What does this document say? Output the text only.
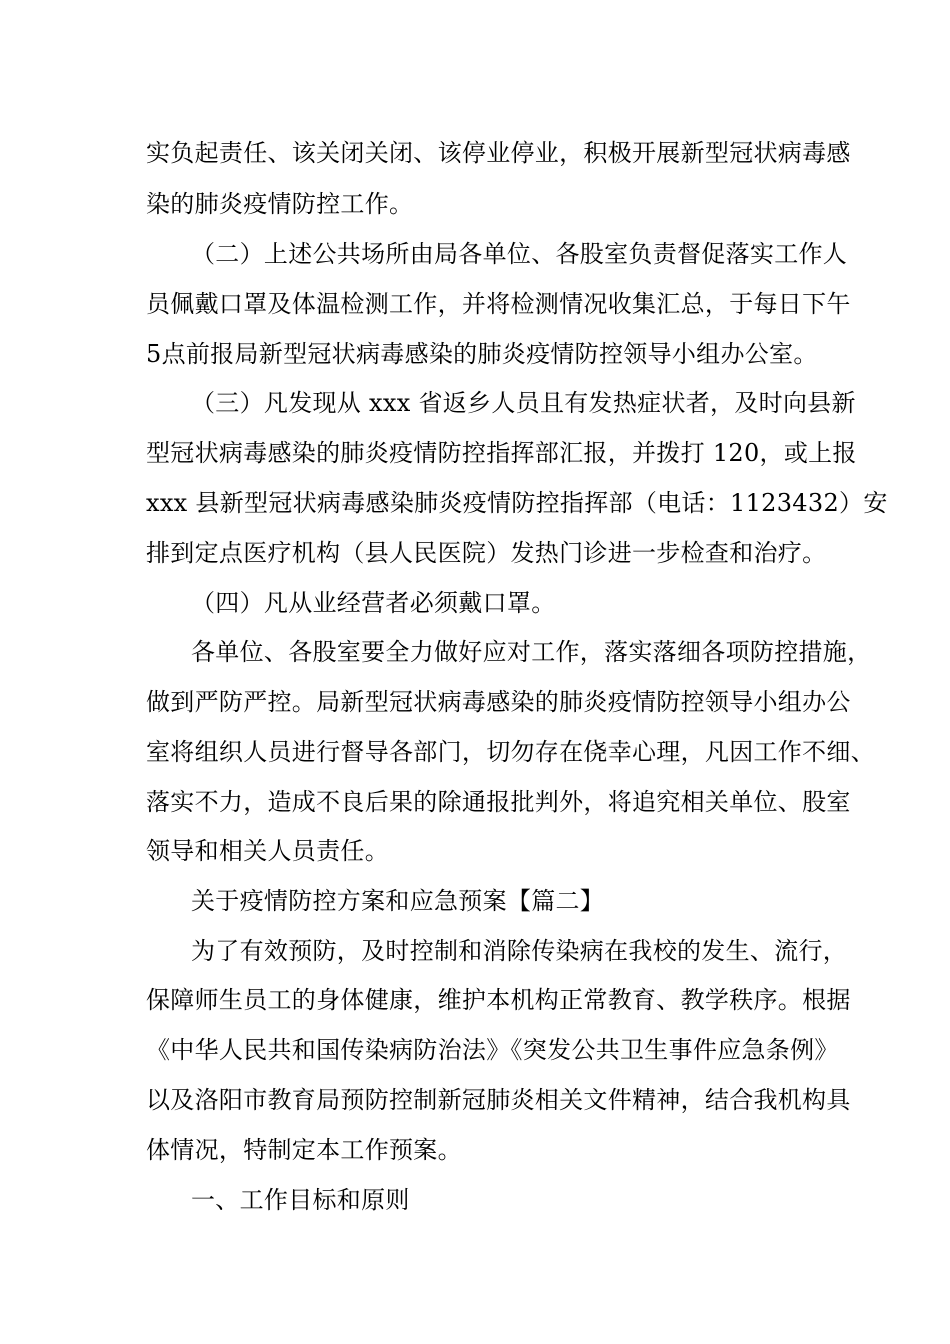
实负起责任、该关闭关闭、该停业停业，积极开展新型冠状病毒感
染的肺炎疫情防控工作。
（二）上述公共场所由局各单位、各股室负责督促落实工作人
员佩戴口罩及体温检测工作，并将检测情况收集汇总，于每日下午
5点前报局新型冠状病毒感染的肺炎疫情防控领导小组办公室。
（三）凡发现从 xxx 省返乡人员且有发热症状者，及时向县新
型冠状病毒感染的肺炎疫情防控指挥部汇报，并拨打 120，或上报
xxx 县新型冠状病毒感染肺炎疫情防控指挥部（电话：1123432）安
排到定点医疗机构（县人民医院）发热门诊进一步检查和治疗。
（四）凡从业经营者必须戴口罩。
各单位、各股室要全力做好应对工作，落实落细各项防控措施，
做到严防严控。局新型冠状病毒感染的肺炎疫情防控领导小组办公
室将组织人员进行督导各部门，切勿存在侥幸心理，凡因工作不细、
落实不力，造成不良后果的除通报批判外，将追究相关单位、股室
领导和相关人员责任。
关于疫情防控方案和应急预案【篇二】
为了有效预防，及时控制和消除传染病在我校的发生、流行，
保障师生员工的身体健康，维护本机构正常教育、教学秩序。根据
《中华人民共和国传染病防治法》《突发公共卫生事件应急条例》
以及洛阳市教育局预防控制新冠肺炎相关文件精神，结合我机构具
体情况，特制定本工作预案。
一、工作目标和原则
